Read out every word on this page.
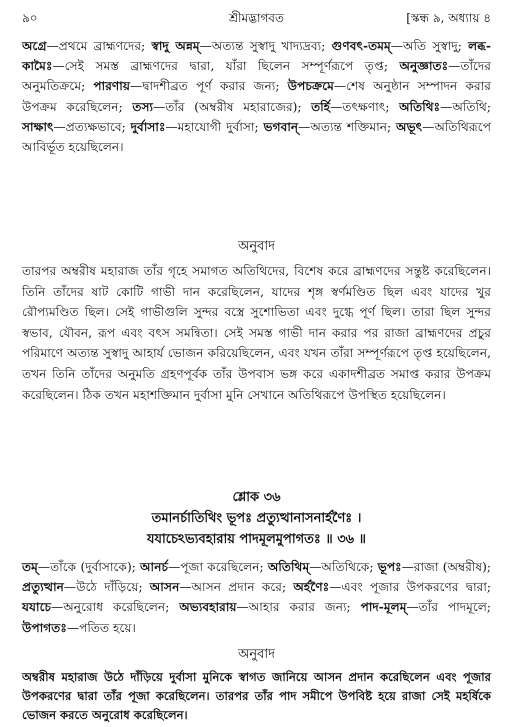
৯০	শ্রীমদ্ভাগবত	[স্কন্ধ ৯, অধ্যায় ৪
অগ্রে—প্রথমে ব্রাহ্মণদের; স্বাদু অন্নম্—অত্যন্ত সুস্বাদু খাদ্যদ্রব্য; গুণবৎ-তমম্—অতি সুস্বাদু; লব্ধ-কামৈঃ—সেই সমস্ত ব্রাহ্মণদের দ্বারা, যাঁরা ছিলেন সম্পূর্ণরূপে তৃপ্ত; অনুজ্ঞাতঃ—তাঁদের অনুমতিক্রমে; পারণায়—দ্বাদশীব্রত পূর্ণ করার জন্য; উপচক্রমে—শেষ অনুষ্ঠান সম্পাদন করার উপক্রম করেছিলেন; তস্য—তাঁর (অম্বরীষ মহারাজের); তর্হি—তৎক্ষণাৎ; অতিথিঃ—অতিথি; সাক্ষাৎ—প্রত্যক্ষভাবে; দুর্বাসাঃ—মহাযোগী দুর্বাসা; ভগবান্—অত্যন্ত শক্তিমান; অভূৎ—অতিথিরূপে আবির্ভূত হয়েছিলেন।
অনুবাদ
তারপর অম্বরীষ মহারাজ তাঁর গৃহে সমাগত অতিথিদের, বিশেষ করে ব্রাহ্মণদের সন্তুষ্ট করেছিলেন। তিনি তাঁদের ষাট কোটি গাভী দান করেছিলেন, যাদের শৃঙ্গ স্বর্ণমণ্ডিত ছিল এবং যাদের খুর রৌপ্যমণ্ডিত ছিল। সেই গাভীগুলি সুন্দর বস্ত্রে সুশোভিতা এবং দুগ্ধে পূর্ণ ছিল। তারা ছিল সুন্দর স্বভাব, যৌবন, রূপ এবং বৎস সমন্বিতা। সেই সমস্ত গাভী দান করার পর রাজা ব্রাহ্মণদের প্রচুর পরিমাণে অত্যন্ত সুস্বাদু আহার্য ভোজন করিয়েছিলেন, এবং যখন তাঁরা সম্পূর্ণরূপে তৃপ্ত হয়েছিলেন, তখন তিনি তাঁদের অনুমতি গ্রহণপূর্বক তাঁর উপবাস ভঙ্গ করে একাদশীব্রত সমাপ্ত করার উপক্রম করেছিলেন। ঠিক তখন মহাশক্তিমান দুর্বাসা মুনি সেখানে অতিথিরূপে উপস্থিত হয়েছিলেন।
শ্লোক ৩৬
তমানর্চাতিথিং ভূপঃ প্রত্যুত্থানাসনার্হণৈঃ ।
যযাচেঽভ্যবহারায় পাদমূলমুপাগতঃ ॥ ৩৬ ॥
তম্—তাঁকে (দুর্বাসাকে); আনর্চ—পূজা করেছিলেন; অতিথিম্—অতিথিকে; ভূপঃ—রাজা (অম্বরীষ); প্রত্যুত্থান—উঠে দাঁড়িয়ে; আসন—আসন প্রদান করে; অর্হণৈঃ—এবং পূজার উপকরণের দ্বারা; যযাচে—অনুরোধ করেছিলেন; অভ্যবহারায়—আহার করার জন্য; পাদ-মূলম্—তাঁর পাদমূলে; উপাগতঃ—পতিত হয়ে।
অনুবাদ
অম্বরীষ মহারাজ উঠে দাঁড়িয়ে দুর্বাসা মুনিকে স্বাগত জানিয়ে আসন প্রদান করেছিলেন এবং পূজার উপকরণের দ্বারা তাঁর পূজা করেছিলেন। তারপর তাঁর পাদ সমীপে উপবিষ্ট হয়ে রাজা সেই মহর্ষিকে ভোজন করতে অনুরোধ করেছিলেন।
